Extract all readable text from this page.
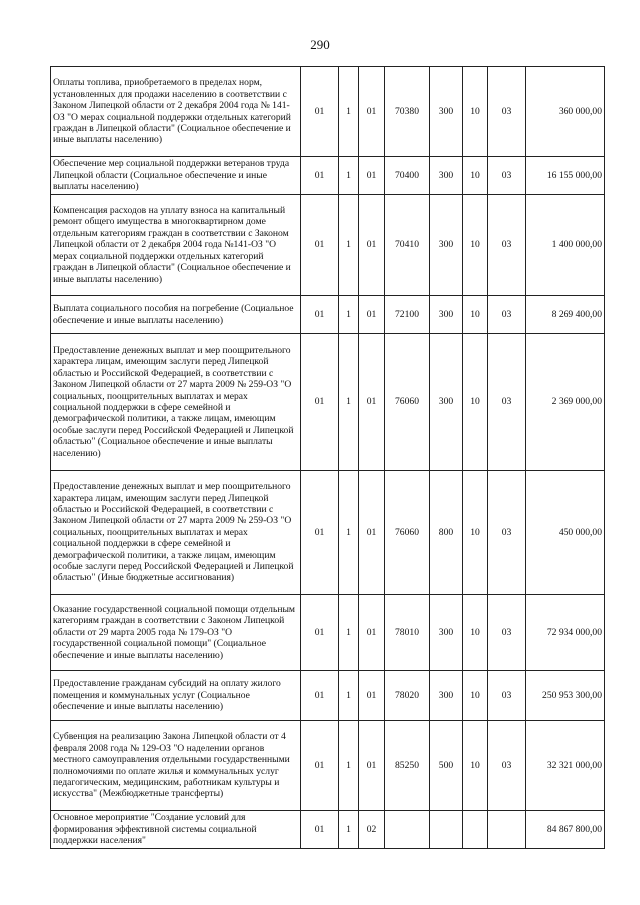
290
Оплаты топлива, приобретаемого в пределах норм, установленных для продажи населению в соответствии с Законом Липецкой области от 2 декабря 2004 года № 141-ОЗ "О мерах социальной поддержки отдельных категорий граждан в Липецкой области" (Социальное обеспечение и иные выплаты населению)	01	1	01	70380	300	10	03	360 000,00
Обеспечение мер социальной поддержки ветеранов труда Липецкой области (Социальное обеспечение и иные выплаты населению)	01	1	01	70400	300	10	03	16 155 000,00
Компенсация расходов на уплату взноса на капитальный ремонт общего имущества в многоквартирном доме отдельным категориям граждан в соответствии с Законом Липецкой области от 2 декабря 2004 года №141-ОЗ "О мерах социальной поддержки отдельных категорий граждан в Липецкой области" (Социальное обеспечение и иные выплаты населению)	01	1	01	70410	300	10	03	1 400 000,00
Выплата социального пособия на погребение (Социальное обеспечение и иные выплаты населению)	01	1	01	72100	300	10	03	8 269 400,00
Предоставление денежных выплат и мер поощрительного характера лицам, имеющим заслуги перед Липецкой областью и Российской Федерацией, в соответствии с Законом Липецкой области от 27 марта 2009 № 259-ОЗ "О социальных, поощрительных выплатах и мерах социальной поддержки в сфере семейной и демографической политики, а также лицам, имеющим особые заслуги перед Российской Федерацией и Липецкой областью" (Социальное обеспечение и иные выплаты населению)	01	1	01	76060	300	10	03	2 369 000,00
Предоставление денежных выплат и мер поощрительного характера лицам, имеющим заслуги перед Липецкой областью и Российской Федерацией, в соответствии с Законом Липецкой области от 27 марта 2009 № 259-ОЗ "О социальных, поощрительных выплатах и мерах социальной поддержки в сфере семейной и демографической политики, а также лицам, имеющим особые заслуги перед Российской Федерацией и Липецкой областью" (Иные бюджетные ассигнования)	01	1	01	76060	800	10	03	450 000,00
Оказание государственной социальной помощи отдельным категориям граждан в соответствии с Законом Липецкой области от 29 марта 2005 года № 179-ОЗ "О государственной социальной помощи" (Социальное обеспечение и иные выплаты населению)	01	1	01	78010	300	10	03	72 934 000,00
Предоставление гражданам субсидий на оплату жилого помещения и коммунальных услуг (Социальное обеспечение и иные выплаты населению)	01	1	01	78020	300	10	03	250 953 300,00
Субвенция на реализацию Закона Липецкой области от 4 февраля 2008 года № 129-ОЗ "О наделении органов местного самоуправления отдельными государственными полномочиями по оплате жилья и коммунальных услуг педагогическим, медицинским, работникам культуры и искусства" (Межбюджетные трансферты)	01	1	01	85250	500	10	03	32 321 000,00
Основное мероприятие "Создание условий для формирования эффективной системы социальной поддержки населения"	01	1	02					84 867 800,00
